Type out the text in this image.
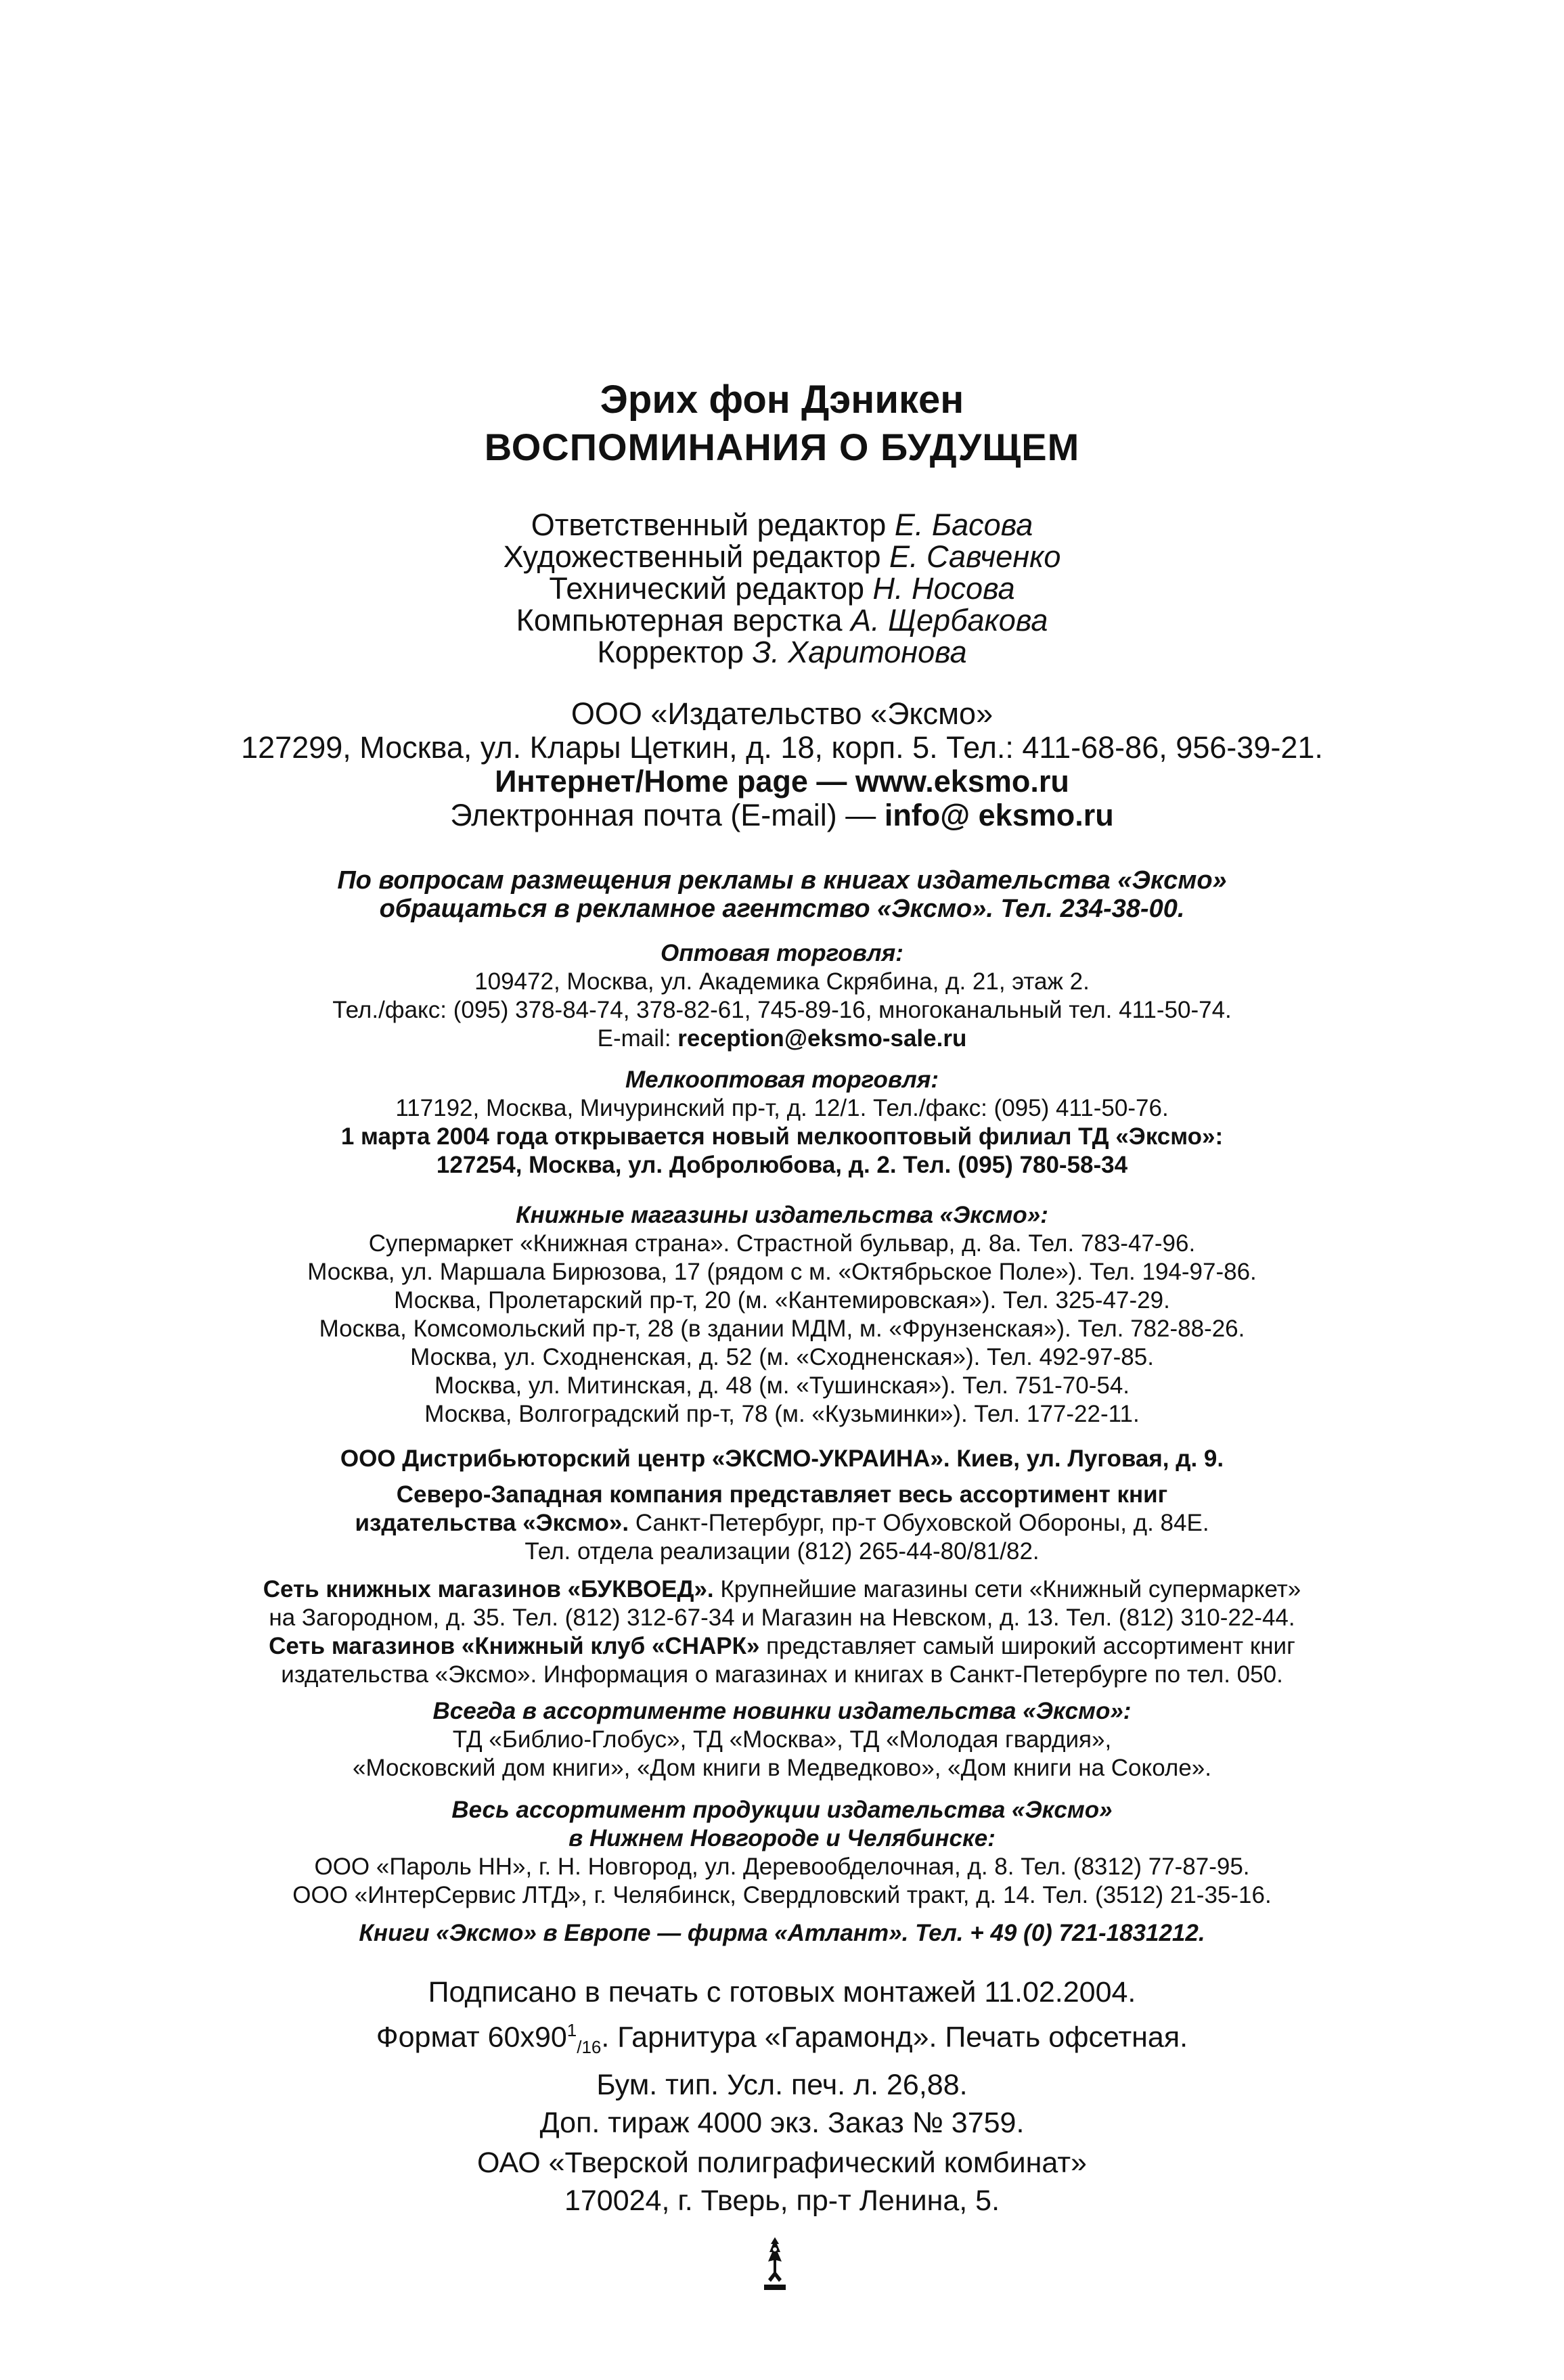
Эрих фон Дэникен
ВОСПОМИНАНИЯ О БУДУЩЕМ
Ответственный редактор Е. Басова
Художественный редактор Е. Савченко
Технический редактор Н. Носова
Компьютерная верстка А. Щербакова
Корректор З. Харитонова
ООО «Издательство «Эксмо»
127299, Москва, ул. Клары Цеткин, д. 18, корп. 5. Тел.: 411-68-86, 956-39-21.
Интернет/Home page — www.eksmo.ru
Электронная почта (E-mail) — info@ eksmo.ru
По вопросам размещения рекламы в книгах издательства «Эксмо»
обращаться в рекламное агентство «Эксмо». Тел. 234-38-00.
Оптовая торговля:
109472, Москва, ул. Академика Скрябина, д. 21, этаж 2.
Тел./факс: (095) 378-84-74, 378-82-61, 745-89-16, многоканальный тел. 411-50-74.
E-mail: reception@eksmo-sale.ru
Мелкооптовая торговля:
117192, Москва, Мичуринский пр-т, д. 12/1. Тел./факс: (095) 411-50-76.
1 марта 2004 года открывается новый мелкооптовый филиал ТД «Эксмо»:
127254, Москва, ул. Добролюбова, д. 2. Тел. (095) 780-58-34
Книжные магазины издательства «Эксмо»:
Супермаркет «Книжная страна». Страстной бульвар, д. 8а. Тел. 783-47-96.
Москва, ул. Маршала Бирюзова, 17 (рядом с м. «Октябрьское Поле»). Тел. 194-97-86.
Москва, Пролетарский пр-т, 20 (м. «Кантемировская»). Тел. 325-47-29.
Москва, Комсомольский пр-т, 28 (в здании МДМ, м. «Фрунзенская»). Тел. 782-88-26.
Москва, ул. Сходненская, д. 52 (м. «Сходненская»). Тел. 492-97-85.
Москва, ул. Митинская, д. 48 (м. «Тушинская»). Тел. 751-70-54.
Москва, Волгоградский пр-т, 78 (м. «Кузьминки»). Тел. 177-22-11.
ООО Дистрибьюторский центр «ЭКСМО-УКРАИНА». Киев, ул. Луговая, д. 9.
Северо-Западная компания представляет весь ассортимент книг
издательства «Эксмо». Санкт-Петербург, пр-т Обуховской Обороны, д. 84Е.
Тел. отдела реализации (812) 265-44-80/81/82.
Сеть книжных магазинов «БУКВОЕД». Крупнейшие магазины сети «Книжный супермаркет»
на Загородном, д. 35. Тел. (812) 312-67-34 и Магазин на Невском, д. 13. Тел. (812) 310-22-44.
Сеть магазинов «Книжный клуб «СНАРК» представляет самый широкий ассортимент книг
издательства «Эксмо». Информация о магазинах и книгах в Санкт-Петербурге по тел. 050.
Всегда в ассортименте новинки издательства «Эксмо»:
ТД «Библио-Глобус», ТД «Москва», ТД «Молодая гвардия»,
«Московский дом книги», «Дом книги в Медведково», «Дом книги на Соколе».
Весь ассортимент продукции издательства «Эксмо»
в Нижнем Новгороде и Челябинске:
ООО «Пароль НН», г. Н. Новгород, ул. Деревообделочная, д. 8. Тел. (8312) 77-87-95.
ООО «ИнтерСервис ЛТД», г. Челябинск, Свердловский тракт, д. 14. Тел. (3512) 21-35-16.
Книги «Эксмо» в Европе — фирма «Атлант». Тел. + 49 (0) 721-1831212.
Подписано в печать с готовых монтажей 11.02.2004.
Формат $60х90^1_{/16}$. Гарнитура «Гарамонд». Печать офсетная.
Бум. тип. Усл. печ. л. 26,88.
Доп. тираж 4000 экз. Заказ № 3759.
ОАО «Тверской полиграфический комбинат»
170024, г. Тверь, пр-т Ленина, 5.
